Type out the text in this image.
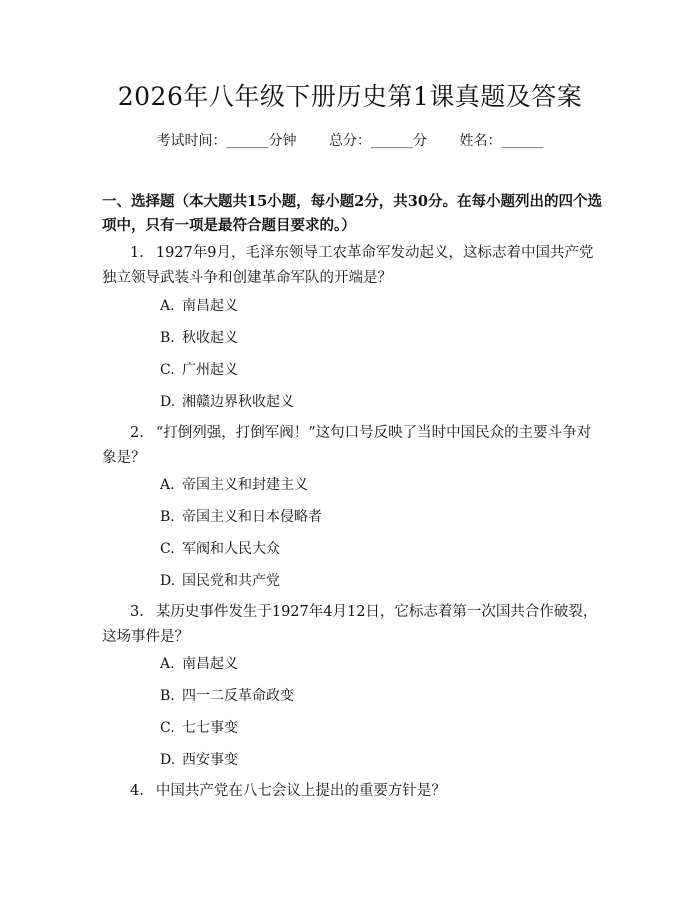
2026年八年级下册历史第1课真题及答案
考试时间：______分钟 总分：______分 姓名：______
一、选择题（本大题共15小题，每小题2分，共30分。在每小题列出的四个选项中，只有一项是最符合题目要求的。）
1. 1927年9月，毛泽东领导工农革命军发动起义，这标志着中国共产党独立领导武装斗争和创建革命军队的开端是？
A. 南昌起义
B. 秋收起义
C. 广州起义
D. 湘赣边界秋收起义
2. “打倒列强，打倒军阀！”这句口号反映了当时中国民众的主要斗争对象是？
A. 帝国主义和封建主义
B. 帝国主义和日本侵略者
C. 军阀和人民大众
D. 国民党和共产党
3. 某历史事件发生于1927年4月12日，它标志着第一次国共合作破裂，这场事件是？
A. 南昌起义
B. 四一二反革命政变
C. 七七事变
D. 西安事变
4. 中国共产党在八七会议上提出的重要方针是？
